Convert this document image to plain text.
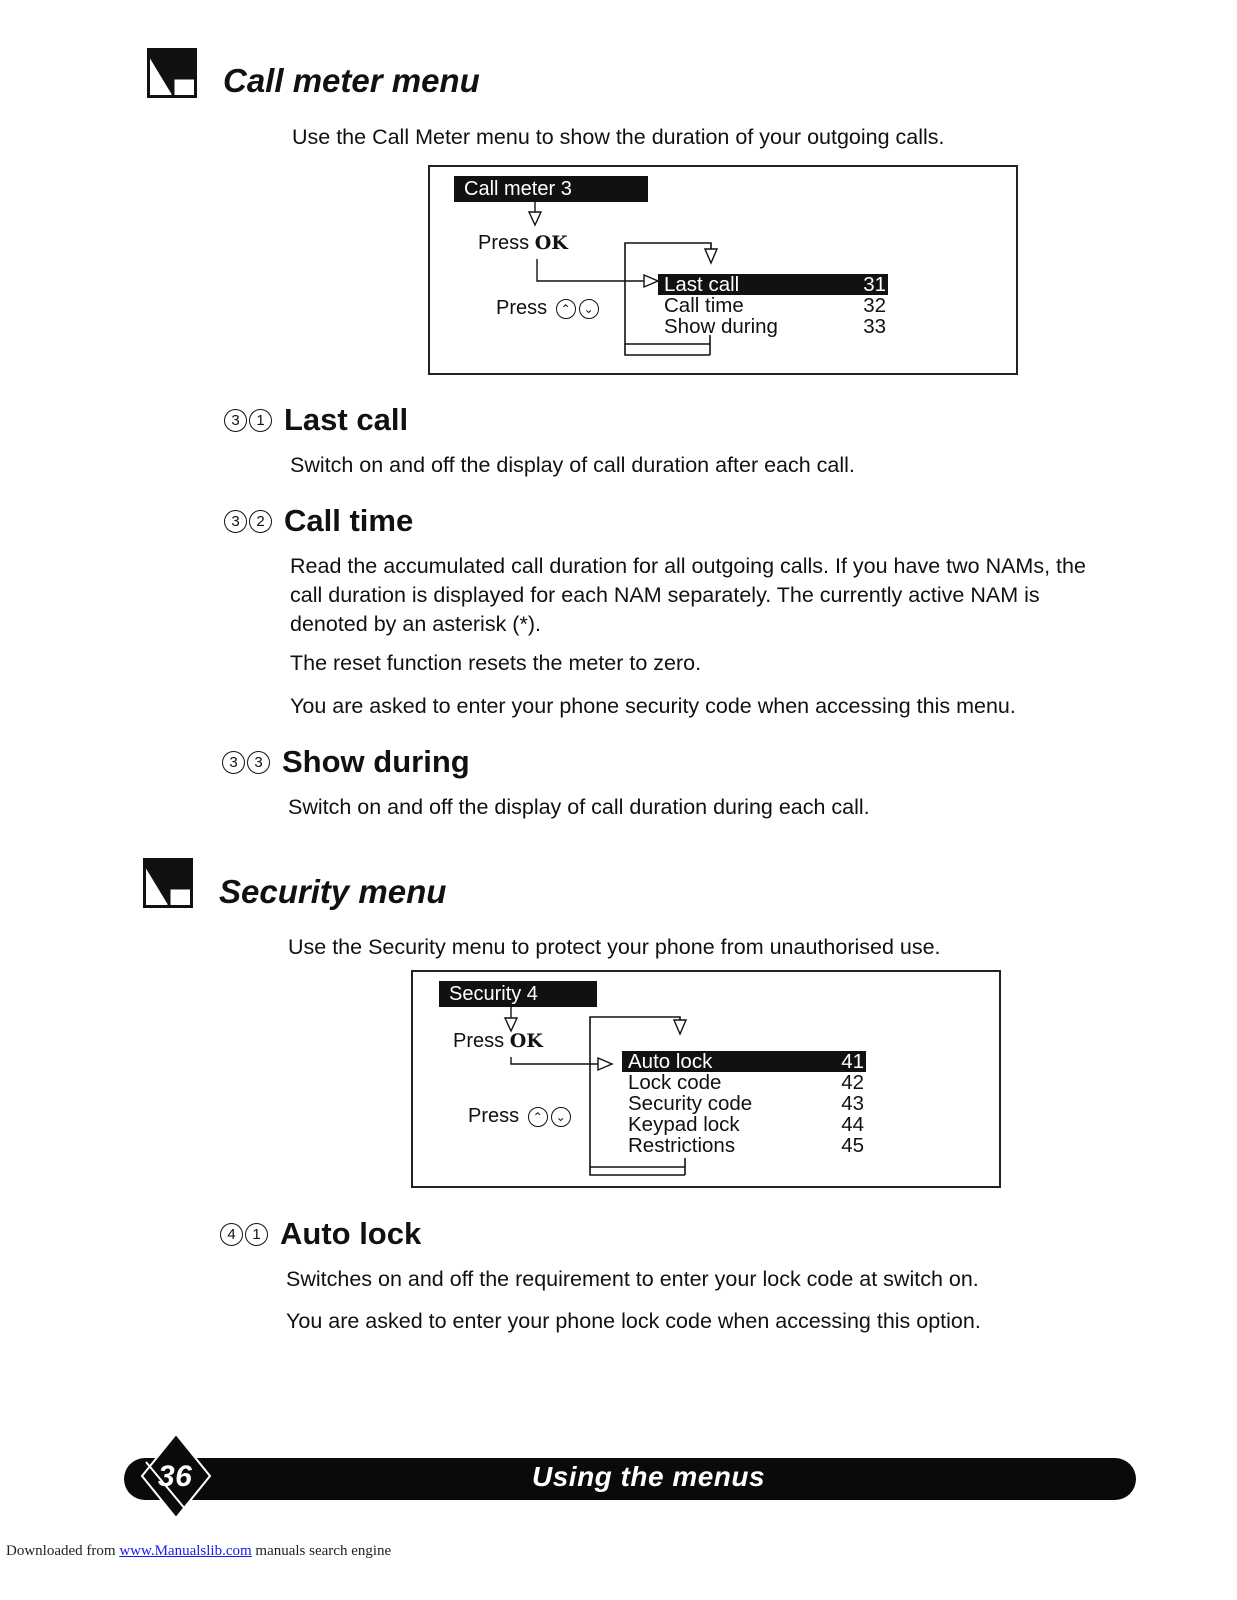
Call meter menu
Use the Call Meter menu to show the duration of your outgoing calls.
Call meter 3
Press OK
Press ⌃ ⌄
Last call	31
Call time	32
Show during	33
3	1 Last call
Switch on and off the display of call duration after each call.
3	2 Call time
Read the accumulated call duration for all outgoing calls. If you have two NAMs, the call duration is displayed for each NAM separately. The currently active NAM is denoted by an asterisk (*).
The reset function resets the meter to zero.
You are asked to enter your phone security code when accessing this menu.
3	3 Show during
Switch on and off the display of call duration during each call.
Security menu
Use the Security menu to protect your phone from unauthorised use.
Security 4
Press OK
Press ⌃ ⌄
Auto lock	41
Lock code	42
Security code	43
Keypad lock	44
Restrictions	45
4	1 Auto lock
Switches on and off the requirement to enter your lock code at switch on.
You are asked to enter your phone lock code when accessing this option.
36	Using the menus
Downloaded from www.Manualslib.com manuals search engine
